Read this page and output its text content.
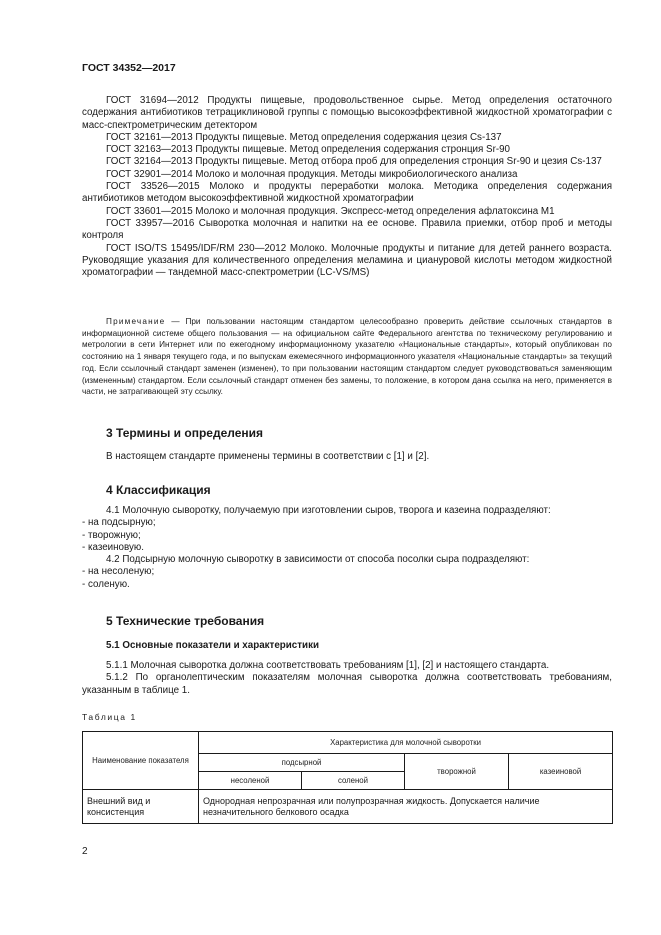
ГОСТ 34352—2017

ГОСТ 31694—2012 Продукты пищевые, продовольственное сырье. Метод определения остаточного содержания антибиотиков тетрациклиновой группы с помощью высокоэффективной жидкостной хроматографии с масс-спектрометрическим детектором

ГОСТ 32161—2013 Продукты пищевые. Метод определения содержания цезия Cs-137

ГОСТ 32163—2013 Продукты пищевые. Метод определения содержания стронция Sr-90

ГОСТ 32164—2013 Продукты пищевые. Метод отбора проб для определения стронция Sr-90 и цезия Cs-137

ГОСТ 32901—2014 Молоко и молочная продукция. Методы микробиологического анализа

ГОСТ 33526—2015 Молоко и продукты переработки молока. Методика определения содержания антибиотиков методом высокоэффективной жидкостной хроматографии

ГОСТ 33601—2015 Молоко и молочная продукция. Экспресс-метод определения афлатоксина M1

ГОСТ 33957—2016 Сыворотка молочная и напитки на ее основе. Правила приемки, отбор проб и методы контроля

ГОСТ ISO/TS 15495/IDF/RM 230—2012 Молоко. Молочные продукты и питание для детей раннего возраста. Руководящие указания для количественного определения меламина и циануровой кислоты методом жидкостной хроматографии — тандемной масс-спектрометрии (LC-VS/MS)

Примечание — При пользовании настоящим стандартом целесообразно проверить действие ссылочных стандартов в информационной системе общего пользования — на официальном сайте Федерального агентства по техническому регулированию и метрологии в сети Интернет или по ежегодному информационному указателю «Национальные стандарты», который опубликован по состоянию на 1 января текущего года, и по выпускам ежемесячного информационного указателя «Национальные стандарты» за текущий год. Если ссылочный стандарт заменен (изменен), то при пользовании настоящим стандартом следует руководствоваться заменяющим (измененным) стандартом. Если ссылочный стандарт отменен без замены, то положение, в котором дана ссылка на него, применяется в части, не затрагивающей эту ссылку.

3 Термины и определения

В настоящем стандарте применены термины в соответствии с [1] и [2].

4 Классификация

4.1 Молочную сыворотку, получаемую при изготовлении сыров, творога и казеина подразделяют:

- на подсырную;

- творожную;

- казеиновую.

4.2 Подсырную молочную сыворотку в зависимости от способа посолки сыра подразделяют:

- на несоленую;

- соленую.

5 Технические требования
5.1 Основные показатели и характеристики

5.1.1 Молочная сыворотка должна соответствовать требованиям [1], [2] и настоящего стандарта.

5.1.2 По органолептическим показателям молочная сыворотка должна соответствовать требованиям, указанным в таблице 1.

Таблица 1
Наименование показателя	Характеристика для молочной сыворотки			
	подсырной		творожной	казеиновой
	несоленой	соленой		
Внешний вид и консистенция	Однородная непрозрачная или полупрозрачная жидкость. Допускается наличие незначительного белкового осадка			
2
